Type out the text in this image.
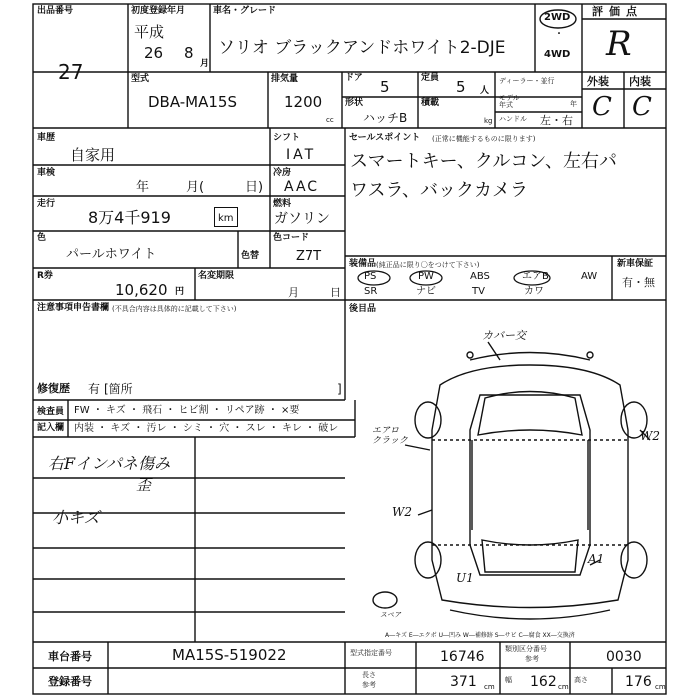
出品番号
27
初度登録年月
平成
26 8
月
車名・グレード
ソリオ ブラックアンドホワイト2-DJE
2WD
・
4WD
評価点
R
型式
DBA-MA15S
排気量
1200
cc
ドア 5
形状
ハッチB
定員 5 人
積載
kg
ディーラー・並行
モデル年式	年
ハンドル 左・右
外装 内装
C C
車歴
自家用
車検
年	月(	日)
走行
8万4千919	km
色
パールホワイト	色替
R券
10,620 円
名変期限
月	日
注意事項申告書欄 (不具合内容は具体的に記載して下さい)
修復歴 有 [箇所	]
シフト
IAT
冷房
AAC
燃料
ガソリン
色コード
Z7T
セールスポイント (正常に機能するものに限ります)
スマートキー、クルコン、左右パ
ワスラ、バックカメラ
装備品 (純正品に限り〇をつけて下さい)
PS	PW	ABS	エアB	AW
SR	ナビ	TV	カワ
新車保証
有・無
後目品
検査員
記入欄
FW ・ キズ ・ 飛石 ・ ヒビ割 ・ リペア跡 ・ ×要
内装 ・ キズ ・ 汚レ ・ シミ ・ 穴 ・ スレ ・ キレ ・ 破レ
右Fインパネ傷み
歪
小キズ
カバー交
エアロ
クラック	W2
W2
A1
U1
スペア
A―キズ E―エクボ U―凹み W―補修跡 S―サビ C―腐食 XX―交換済
車台番号	MA15S-519022
登録番号
型式指定番号	16746	類別区分番号
参考	0030
長さ
参考	371 cm
幅 162 cm
高さ	176 cm
